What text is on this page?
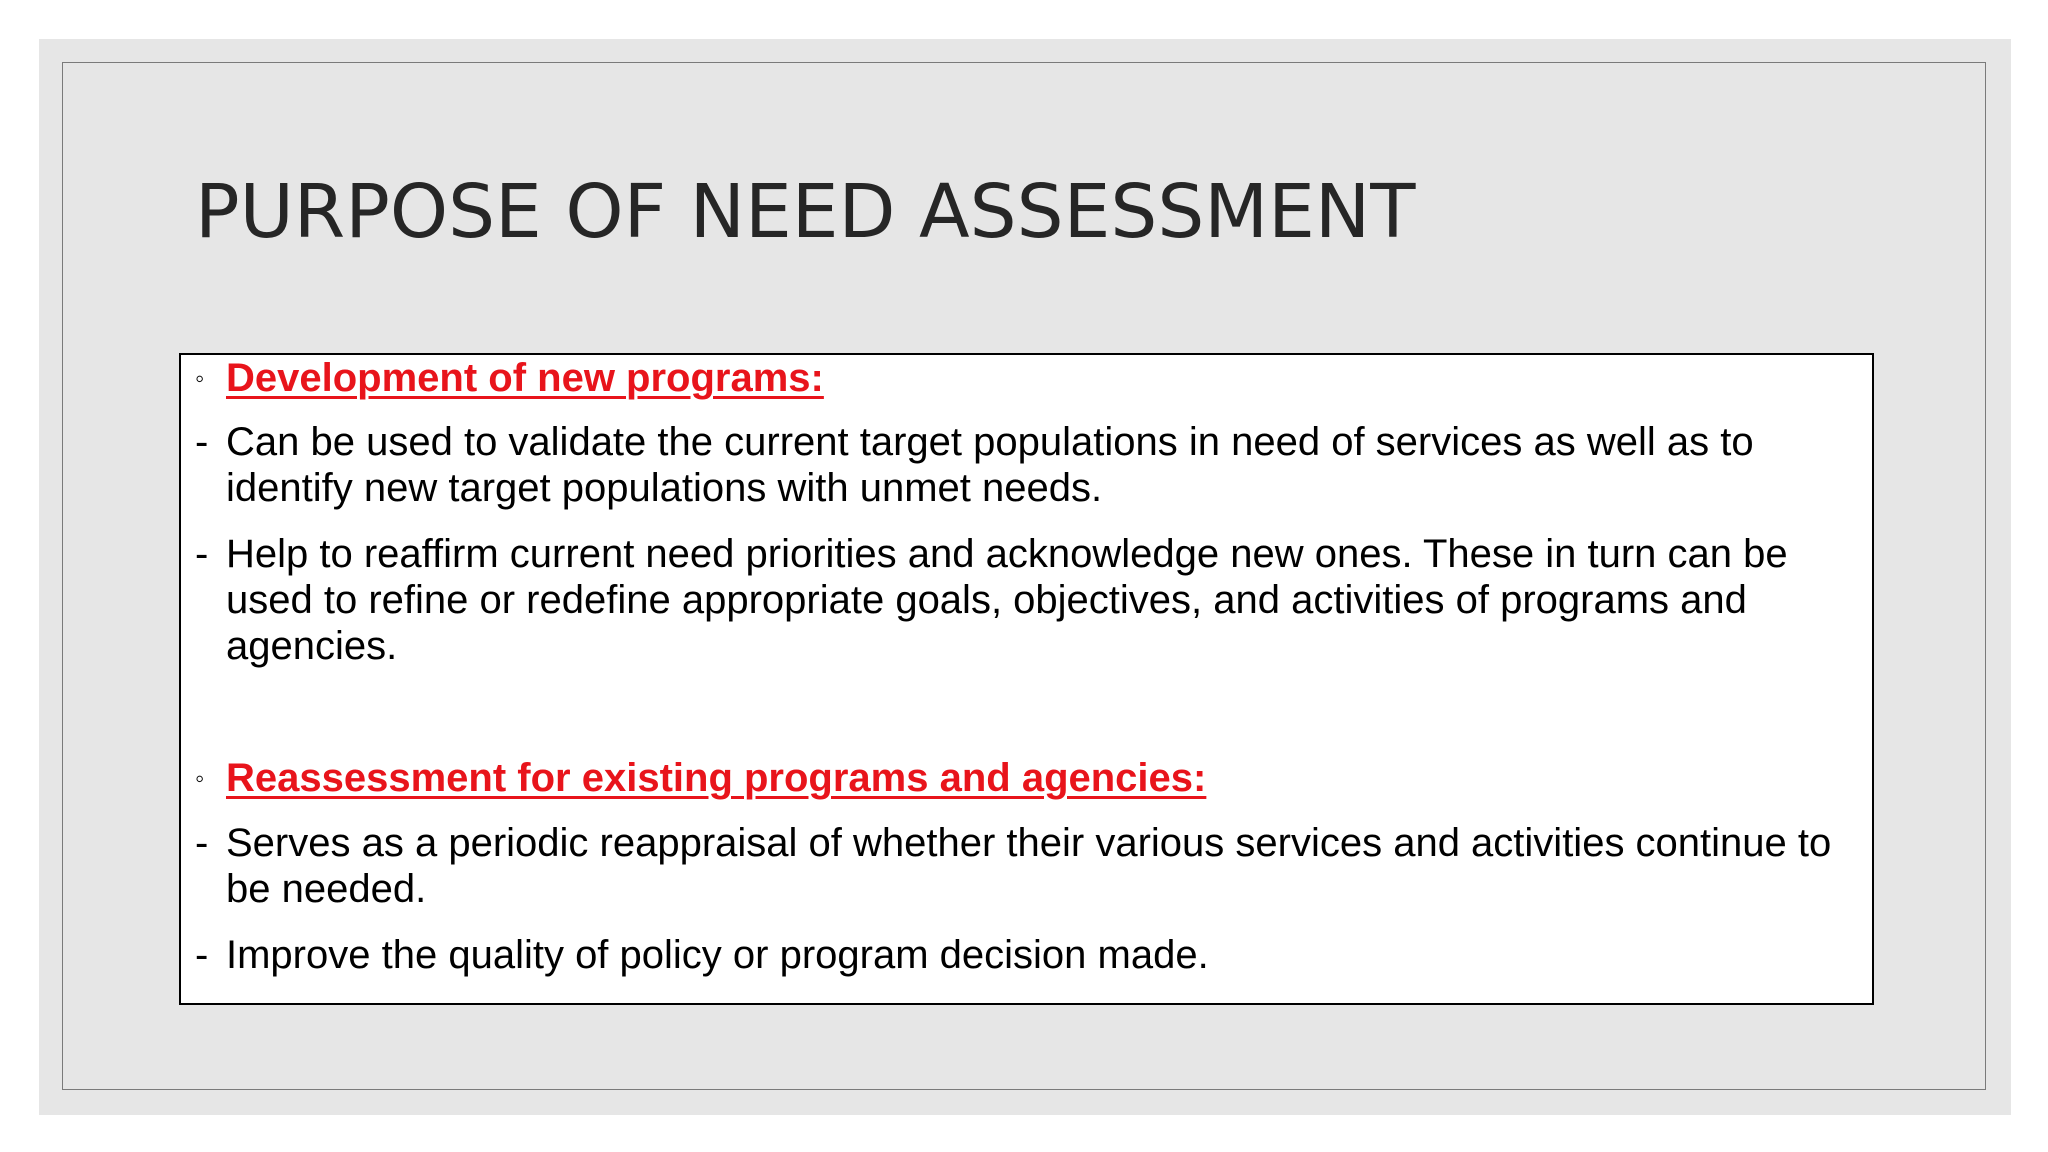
PURPOSE OF NEED ASSESSMENT
◦ Development of new programs:
- Can be used to validate the current target populations in need of services as well as to identify new target populations with unmet needs.
- Help to reaffirm current need priorities and acknowledge new ones. These in turn can be used to refine or redefine appropriate goals, objectives, and activities of programs and agencies.
◦ Reassessment for existing programs and agencies:
- Serves as a periodic reappraisal of whether their various services and activities continue to be needed.
- Improve the quality of policy or program decision made.
